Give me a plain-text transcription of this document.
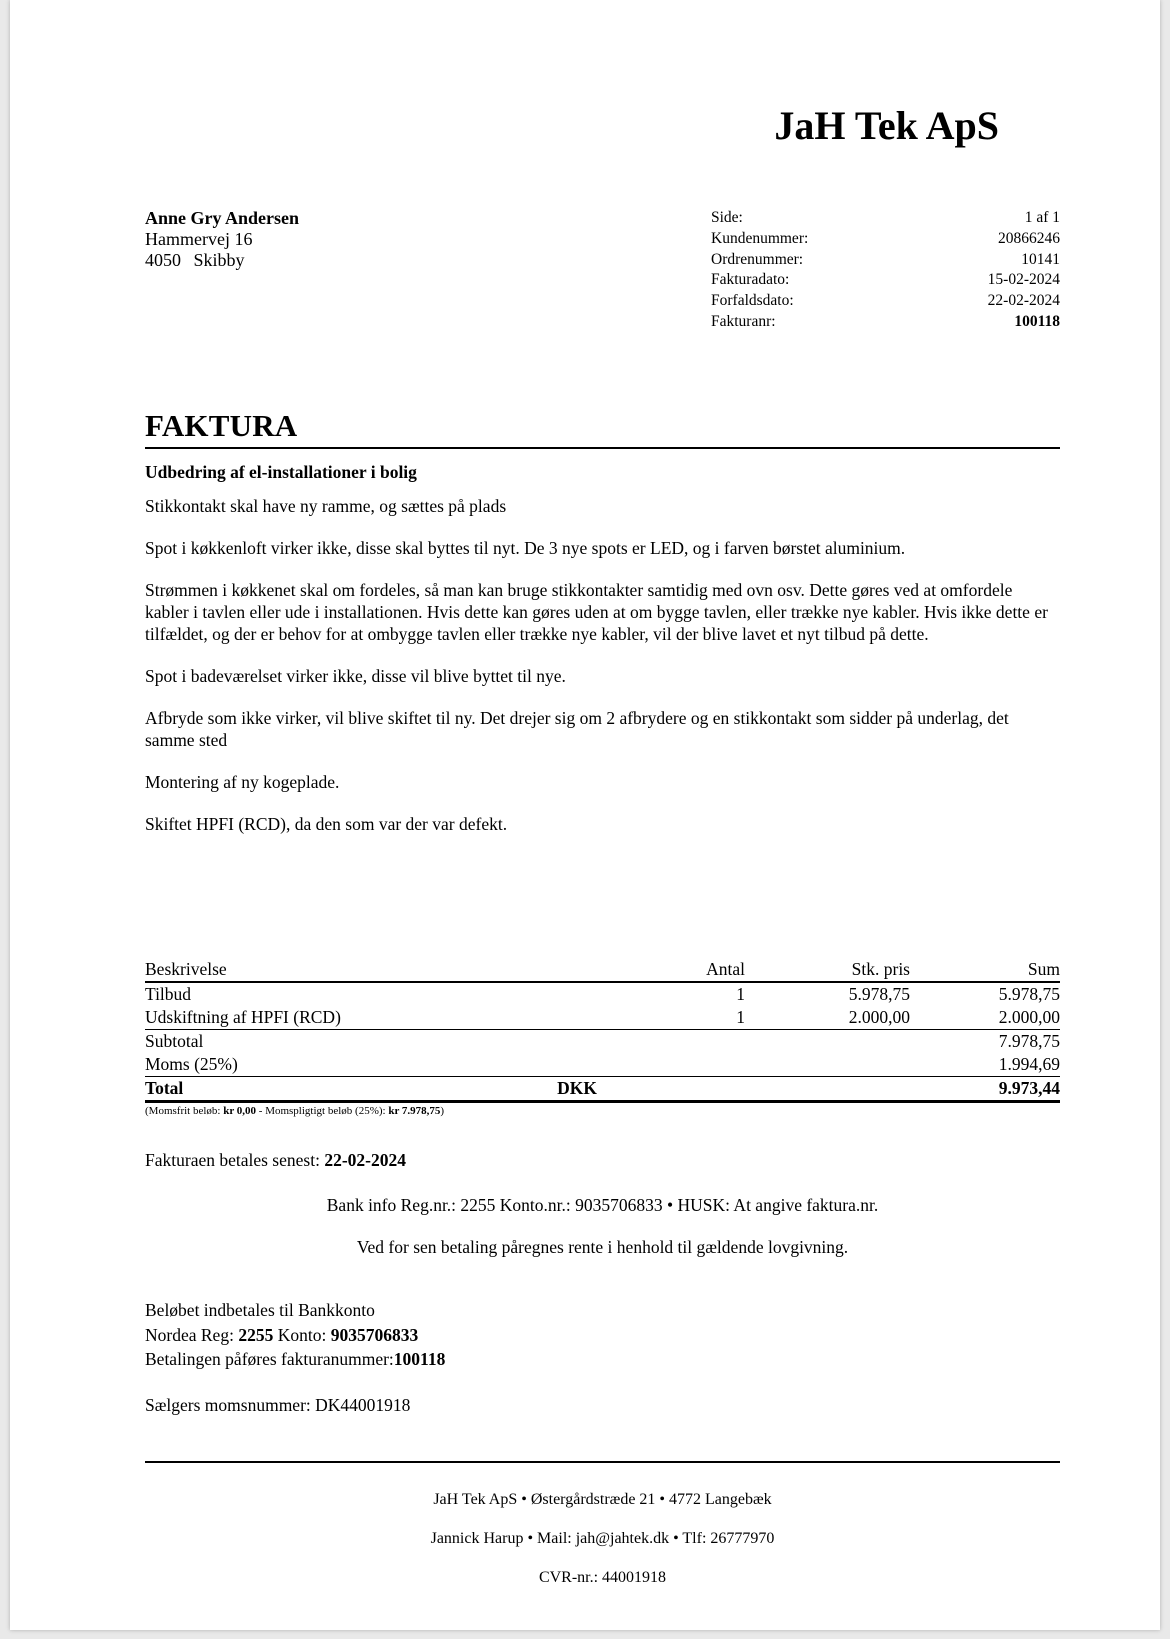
JaH Tek ApS
Anne Gry Andersen
Hammervej 16
4050 Skibby
Side:	1 af 1
Kundenummer:	20866246
Ordrenummer:	10141
Fakturadato:	15-02-2024
Forfaldsdato:	22-02-2024
Fakturanr:	100118
FAKTURA
Udbedring af el-installationer i bolig

Stikkontakt skal have ny ramme, og sættes på plads

Spot i køkkenloft virker ikke, disse skal byttes til nyt. De 3 nye spots er LED, og i farven børstet aluminium.

Strømmen i køkkenet skal om fordeles, så man kan bruge stikkontakter samtidig med ovn osv. Dette gøres ved at omfordele kabler i tavlen eller ude i installationen. Hvis dette kan gøres uden at om bygge tavlen, eller trække nye kabler. Hvis ikke dette er tilfældet, og der er behov for at ombygge tavlen eller trække nye kabler, vil der blive lavet et nyt tilbud på dette.

Spot i badeværelset virker ikke, disse vil blive byttet til nye.

Afbryde som ikke virker, vil blive skiftet til ny. Det drejer sig om 2 afbrydere og en stikkontakt som sidder på underlag, det samme sted

Montering af ny kogeplade.

Skiftet HPFI (RCD), da den som var der var defekt.

Beskrivelse	Antal	Stk. pris	Sum
Tilbud	1	5.978,75	5.978,75
Udskiftning af HPFI (RCD)	1	2.000,00	2.000,00
Subtotal			7.978,75
Moms (25%)			1.994,69
Total DKK			9.973,44
(Momsfrit beløb: kr 0,00 - Momspligtigt beløb (25%): kr 7.978,75)
Fakturaen betales senest: 22-02-2024
Bank info Reg.nr.: 2255 Konto.nr.: 9035706833 • HUSK: At angive faktura.nr.
Ved for sen betaling påregnes rente i henhold til gældende lovgivning.
Beløbet indbetales til Bankkonto
Nordea Reg: 2255 Konto: 9035706833
Betalingen påføres fakturanummer:100118
Sælgers momsnummer: DK44001918
JaH Tek ApS • Østergårdstræde 21 • 4772 Langebæk
Jannick Harup • Mail: jah@jahtek.dk • Tlf: 26777970
CVR-nr.: 44001918
